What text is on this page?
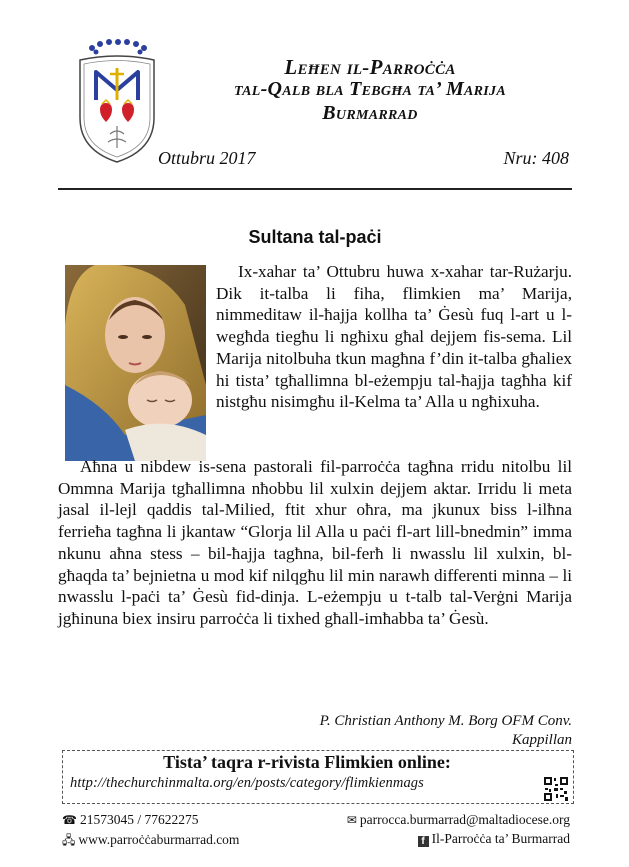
Leħen il-Parroċċa
tal-Qalb bla Tebgħa ta’ Marija
Burmarrad
Ottubru 2017	Nru: 408
Sultana tal-paċi

Ix-xahar ta’ Ottubru huwa x-xahar tar-Rużarju. Dik it-talba li fiha, flimkien ma’ Marija, nimmeditaw il-ħajja kollha ta’ Ġesù fuq l-art u l-wegħda tiegħu li ngħixu għal dejjem fis-sema. Lil Marija nitolbuha tkun magħna f’din it-talba għaliex hi tista’ tgħallimna bl-eżempju tal-ħajja tagħha kif nistgħu nisimgħu il-Kelma ta’ Alla u ngħixuha.

Aħna u nibdew is-sena pastorali fil-parroċċa tagħna rridu nitolbu lil Ommna Marija tgħallimna nħobbu lil xulxin dejjem aktar. Irridu li meta jasal il-lejl qaddis tal-Milied, ftit xhur oħra, ma jkunux biss l-ilħna ferrieħa tagħna li jkantaw “Glorja lil Alla u paċi fl-art lill-bnedmin” imma nkunu aħna stess – bil-ħajja tagħna, bil-ferħ li nwasslu lil xulxin, bl-għaqda ta’ bejnietna u mod kif nilqgħu lil min narawh differenti minna – li nwasslu l-paċi ta’ Ġesù fid-dinja. L-eżempju u t-talb tal-Verġni Marija jgħinuna biex insiru parroċċa li tixhed għall-imħabba ta’ Ġesù.

P. Christian Anthony M. Borg OFM Conv.
Kappillan
Tista’ taqra r-rivista Flimkien online:
http://thechurchinmalta.org/en/posts/category/flimkienmags
☎ 21573045 / 77622275
🖧 www.parroċċaburmarrad.com
✉ parrocca.burmarrad@maltadiocese.org
f Il-Parroċċa ta’ Burmarrad
